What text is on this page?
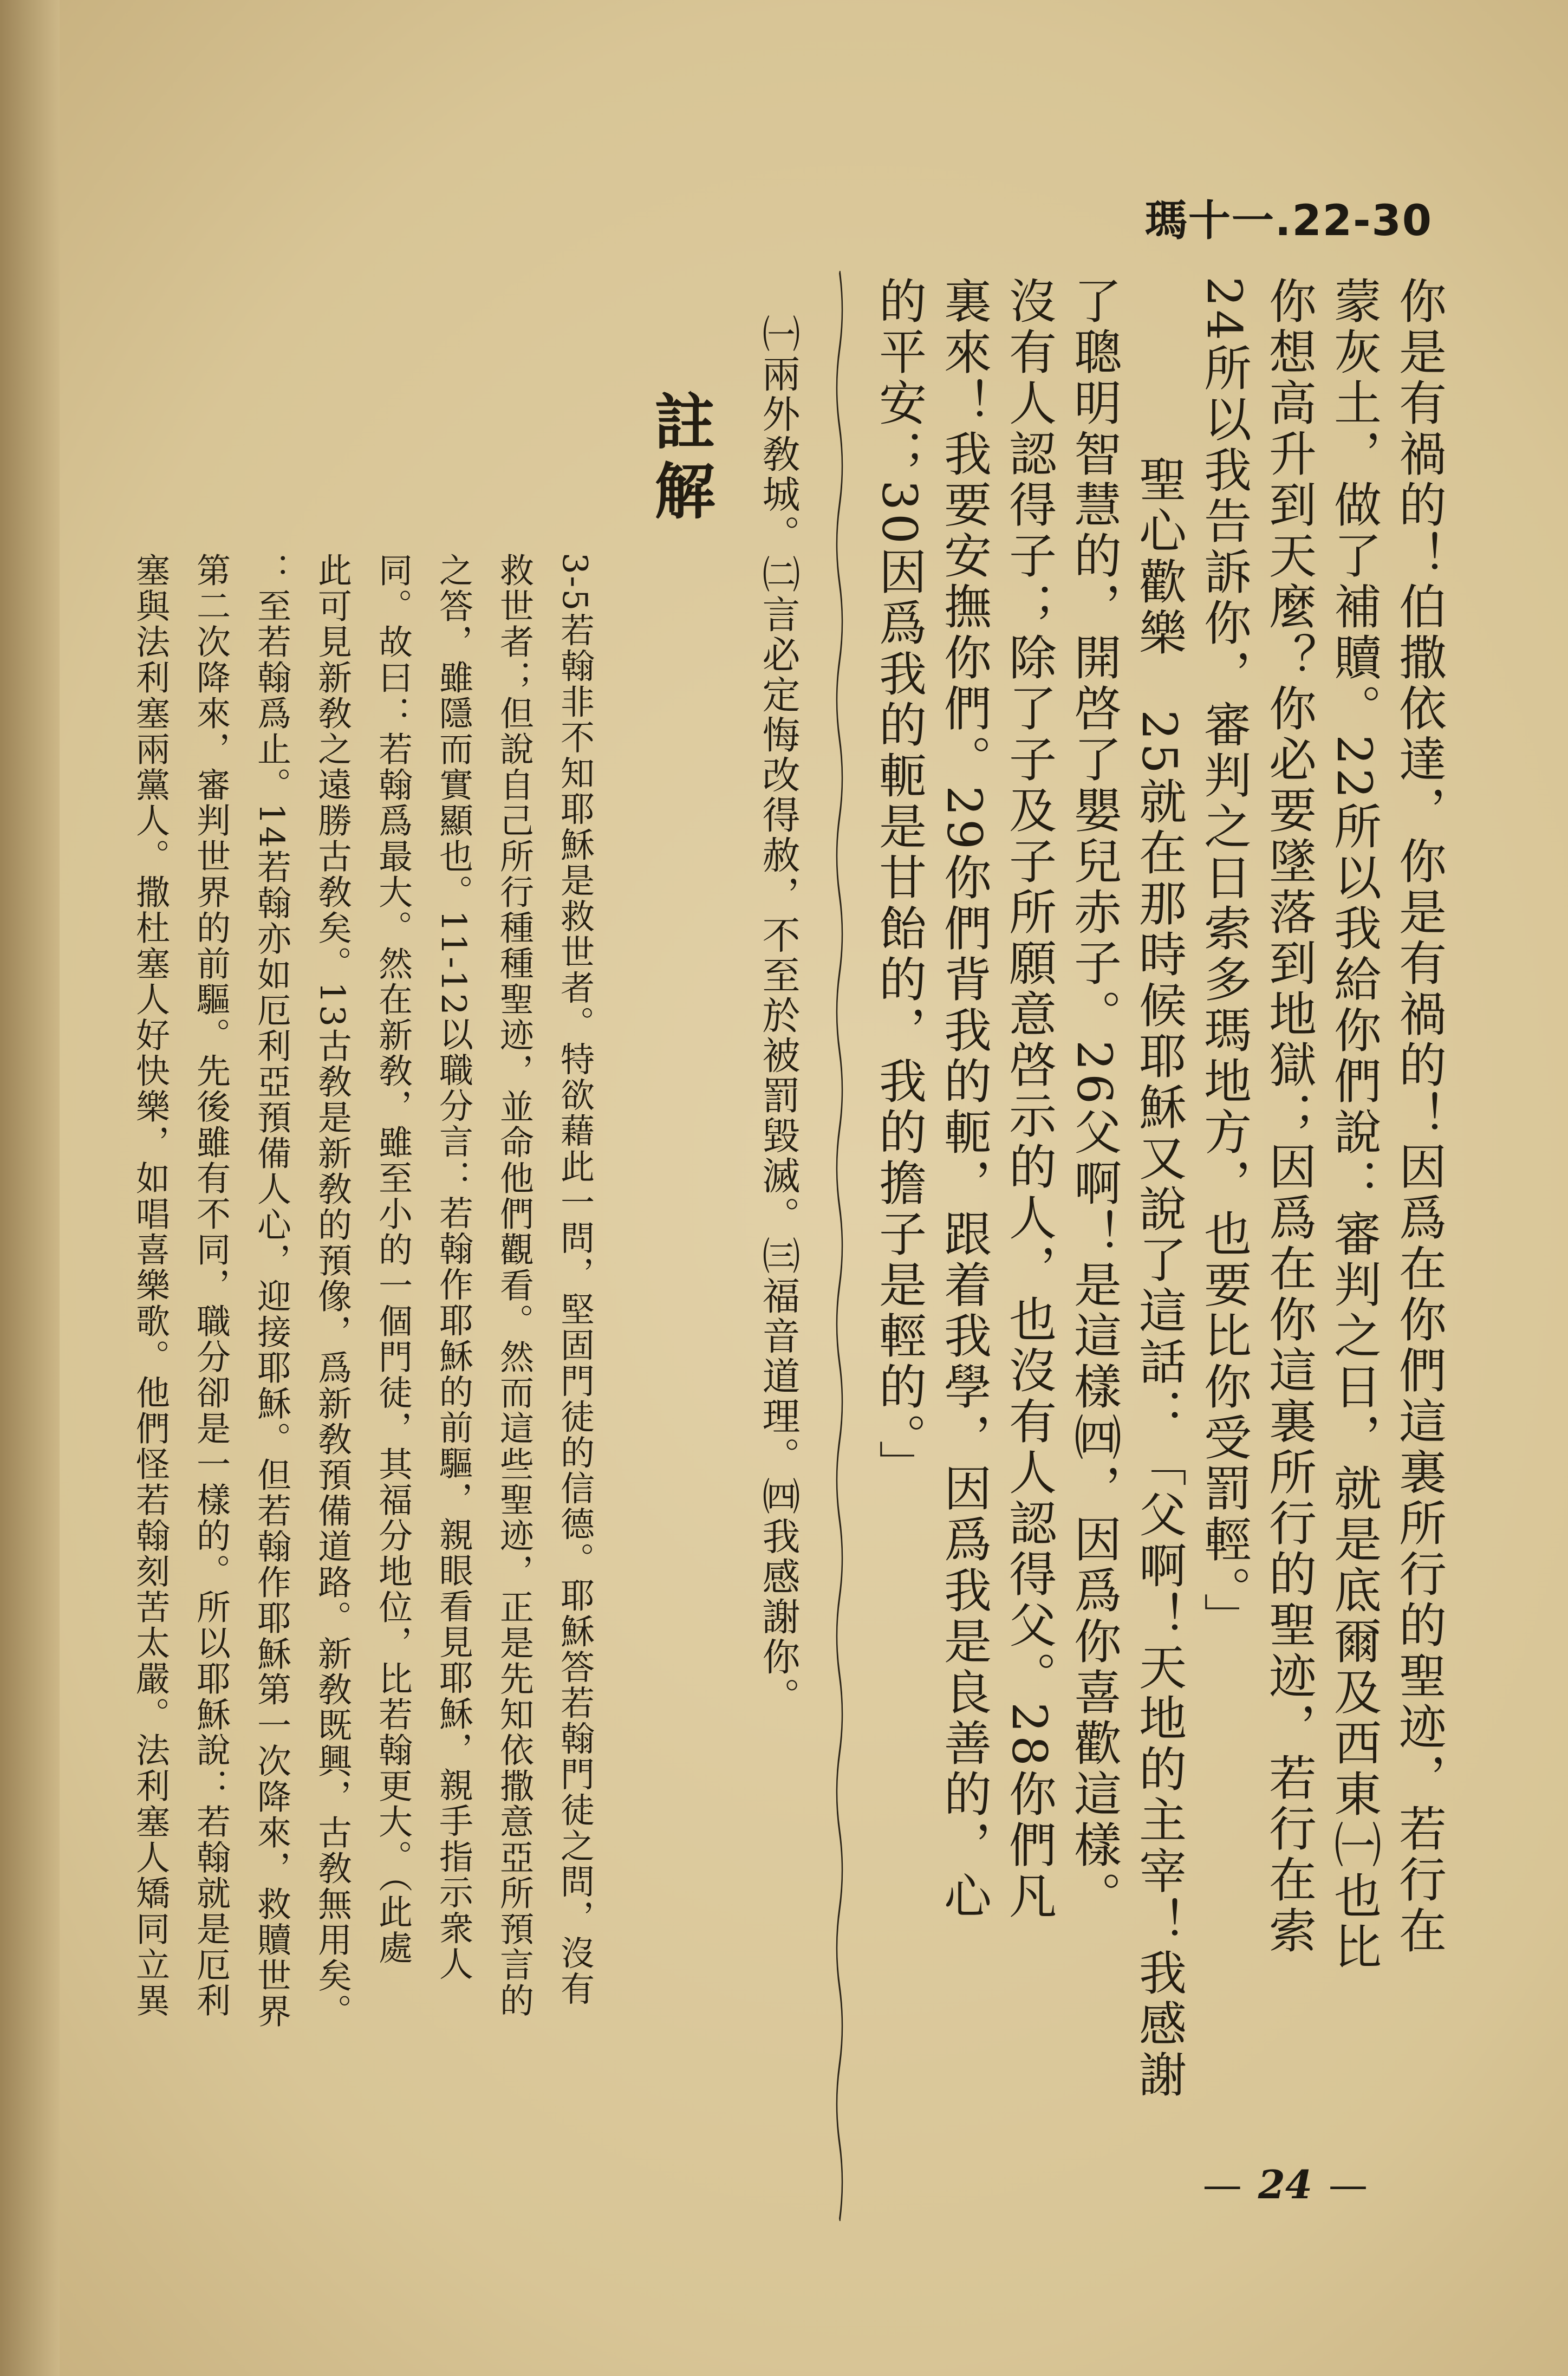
瑪十一.22-30
你是有禍的！伯撒依達，你是有禍的！因爲在你們這裏所行的聖迹，若行在
蒙灰土，做了補贖。22所以我給你們說：審判之日，就是底爾及西東㈠也比
你想高升到天麼？你必要墜落到地獄；因爲在你這裏所行的聖迹，若行在索
24所以我告訴你，審判之日索多瑪地方，也要比你受罰輕。」
聖心歡樂　25就在那時候耶穌又說了這話：「父啊！天地的主宰！我感謝
了聰明智慧的，開啓了嬰兒赤子。26父啊！是這樣㈣，因爲你喜歡這樣。
沒有人認得子；除了子及子所願意啓示的人，也沒有人認得父。28你們凡
裏來！我要安撫你們。29你們背我的軛，跟着我學，因爲我是良善的，心
的平安；30因爲我的軛是甘飴的，我的擔子是輕的。」
㈠兩外敎城。㈡言必定悔改得赦，不至於被罰毀滅。㈢福音道理。㈣我感謝你。
註解
3-5若翰非不知耶穌是救世者。特欲藉此一問，堅固門徒的信德。耶穌答若翰門徒之問，沒有
救世者；但說自己所行種種聖迹，並命他們觀看。然而這些聖迹，正是先知依撒意亞所預言的
之答，雖隱而實顯也。11-12以職分言：若翰作耶穌的前驅，親眼看見耶穌，親手指示衆人
同。故曰：若翰爲最大。然在新敎，雖至小的一個門徒，其福分地位，比若翰更大。（此處
此可見新敎之遠勝古敎矣。13古敎是新敎的預像，爲新敎預備道路。新敎既興，古敎無用矣。
：至若翰爲止。14若翰亦如厄利亞預備人心，迎接耶穌。但若翰作耶穌第一次降來，救贖世界
第二次降來，審判世界的前驅。先後雖有不同，職分卻是一樣的。所以耶穌說：若翰就是厄利
塞與法利塞兩黨人。撒杜塞人好快樂，如唱喜樂歌。他們怪若翰刻苦太嚴。法利塞人矯同立異
— 24 —
